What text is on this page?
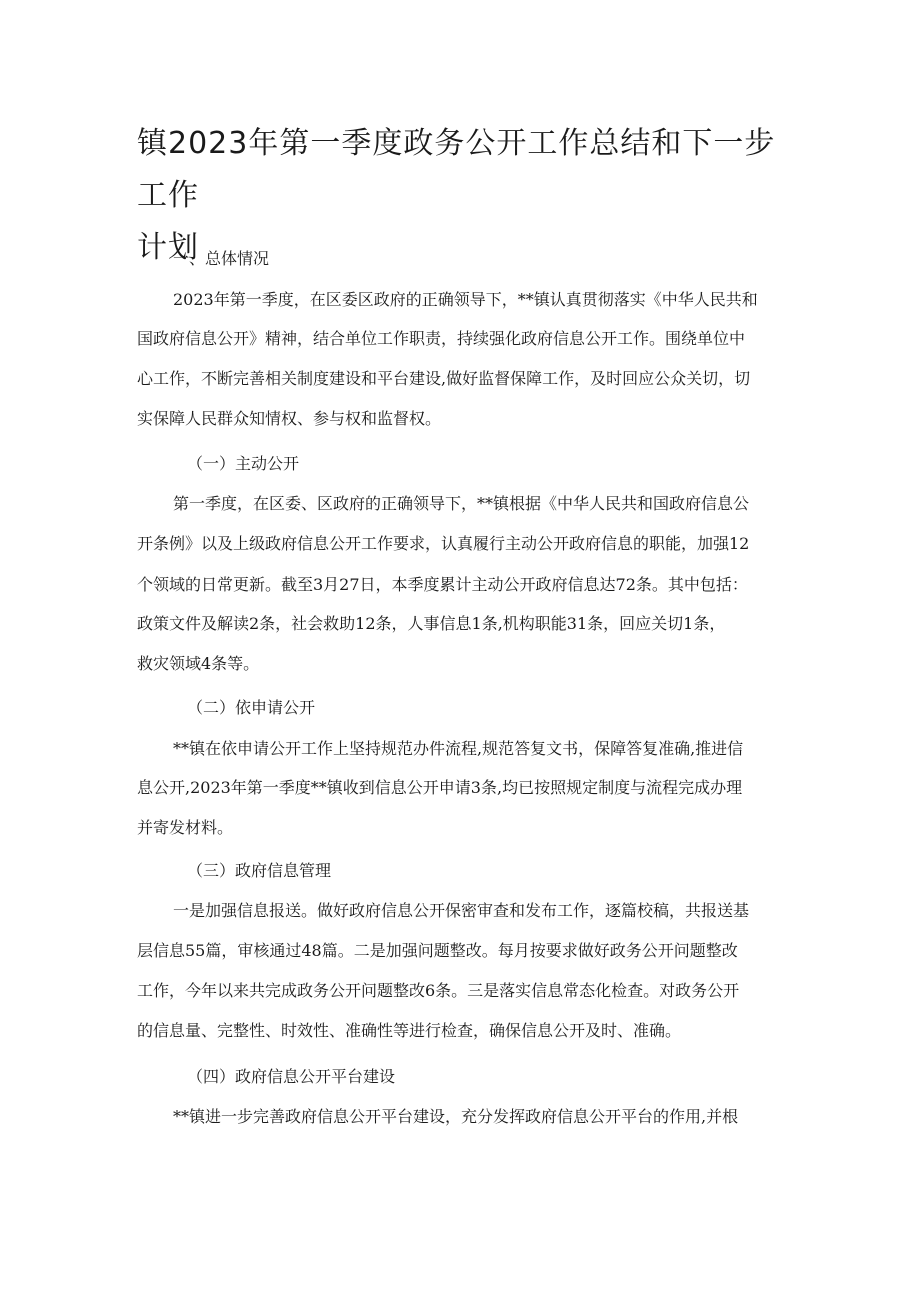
镇2023年第一季度政务公开工作总结和下一步工作
计划

一、总体情况

2023年第一季度，在区委区政府的正确领导下，**镇认真贯彻落实《中华人民共和

国政府信息公开》精神，结合单位工作职责，持续强化政府信息公开工作。围绕单位中

心工作，不断完善相关制度建设和平台建设,做好监督保障工作，及时回应公众关切，切

实保障人民群众知情权、参与权和监督权。

（一）主动公开

第一季度，在区委、区政府的正确领导下，**镇根据《中华人民共和国政府信息公

开条例》以及上级政府信息公开工作要求，认真履行主动公开政府信息的职能，加强12

个领域的日常更新。截至3月27日，本季度累计主动公开政府信息达72条。其中包括：

政策文件及解读2条，社会救助12条，人事信息1条,机构职能31条，回应关切1条，

救灾领域4条等。

（二）依申请公开

**镇在依申请公开工作上坚持规范办件流程,规范答复文书，保障答复准确,推进信

息公开,2023年第一季度**镇收到信息公开申请3条,均已按照规定制度与流程完成办理

并寄发材料。

（三）政府信息管理

一是加强信息报送。做好政府信息公开保密审查和发布工作，逐篇校稿，共报送基

层信息55篇，审核通过48篇。二是加强问题整改。每月按要求做好政务公开问题整改

工作，今年以来共完成政务公开问题整改6条。三是落实信息常态化检查。对政务公开

的信息量、完整性、时效性、准确性等进行检查，确保信息公开及时、准确。

（四）政府信息公开平台建设

**镇进一步完善政府信息公开平台建设，充分发挥政府信息公开平台的作用,并根
